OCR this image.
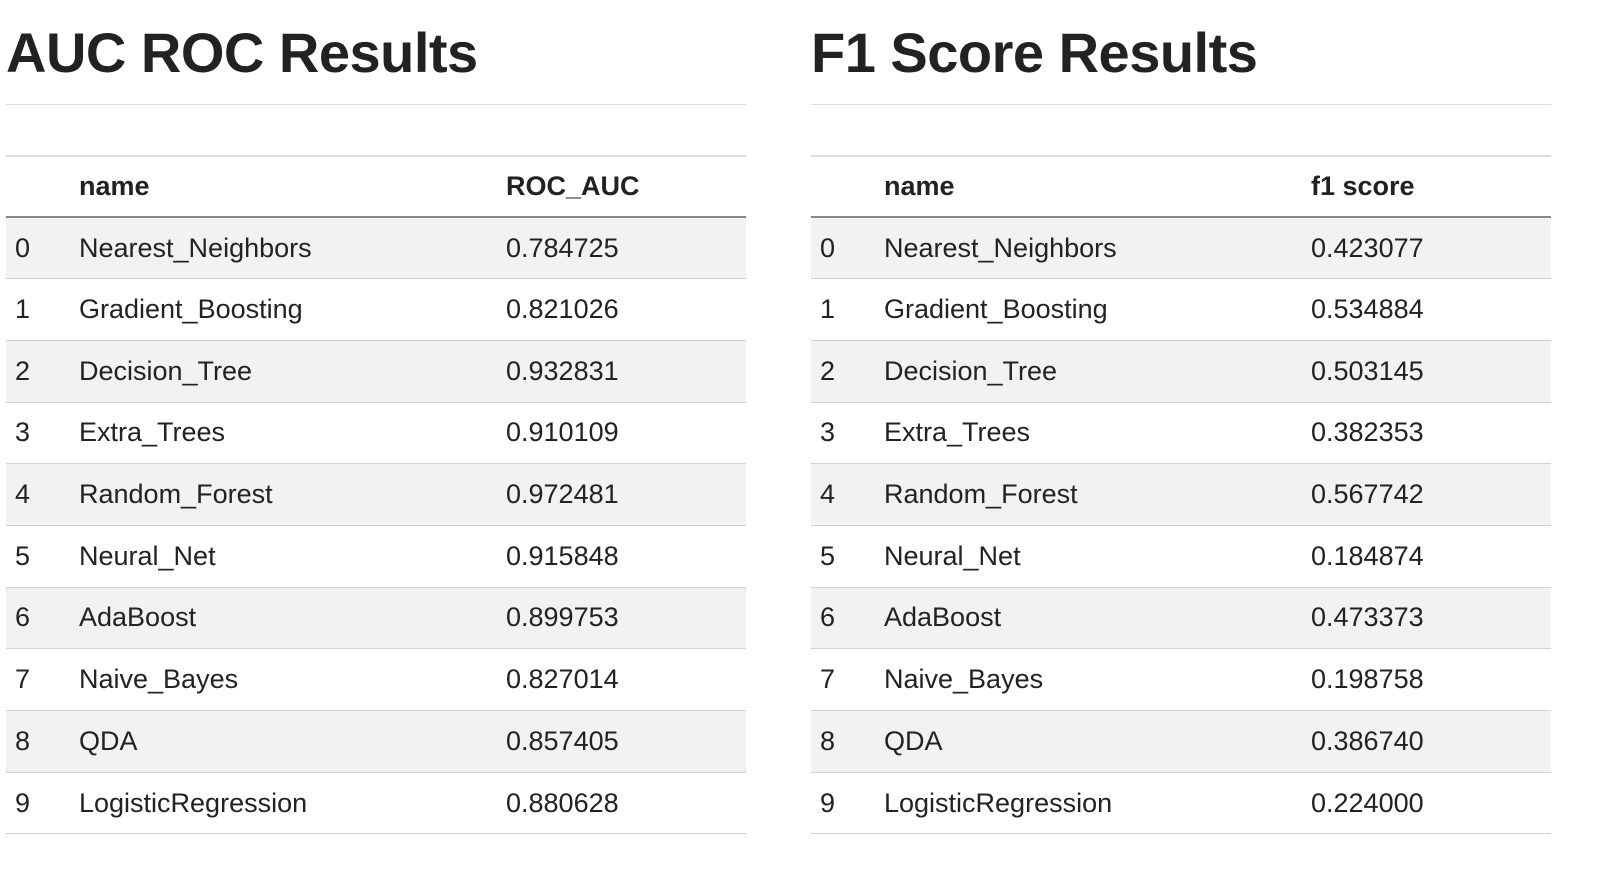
AUC ROC Results
	name	ROC_AUC
0	Nearest_Neighbors	0.784725
1	Gradient_Boosting	0.821026
2	Decision_Tree	0.932831
3	Extra_Trees	0.910109
4	Random_Forest	0.972481
5	Neural_Net	0.915848
6	AdaBoost	0.899753
7	Naive_Bayes	0.827014
8	QDA	0.857405
9	LogisticRegression	0.880628
F1 Score Results
	name	f1 score
0	Nearest_Neighbors	0.423077
1	Gradient_Boosting	0.534884
2	Decision_Tree	0.503145
3	Extra_Trees	0.382353
4	Random_Forest	0.567742
5	Neural_Net	0.184874
6	AdaBoost	0.473373
7	Naive_Bayes	0.198758
8	QDA	0.386740
9	LogisticRegression	0.224000
